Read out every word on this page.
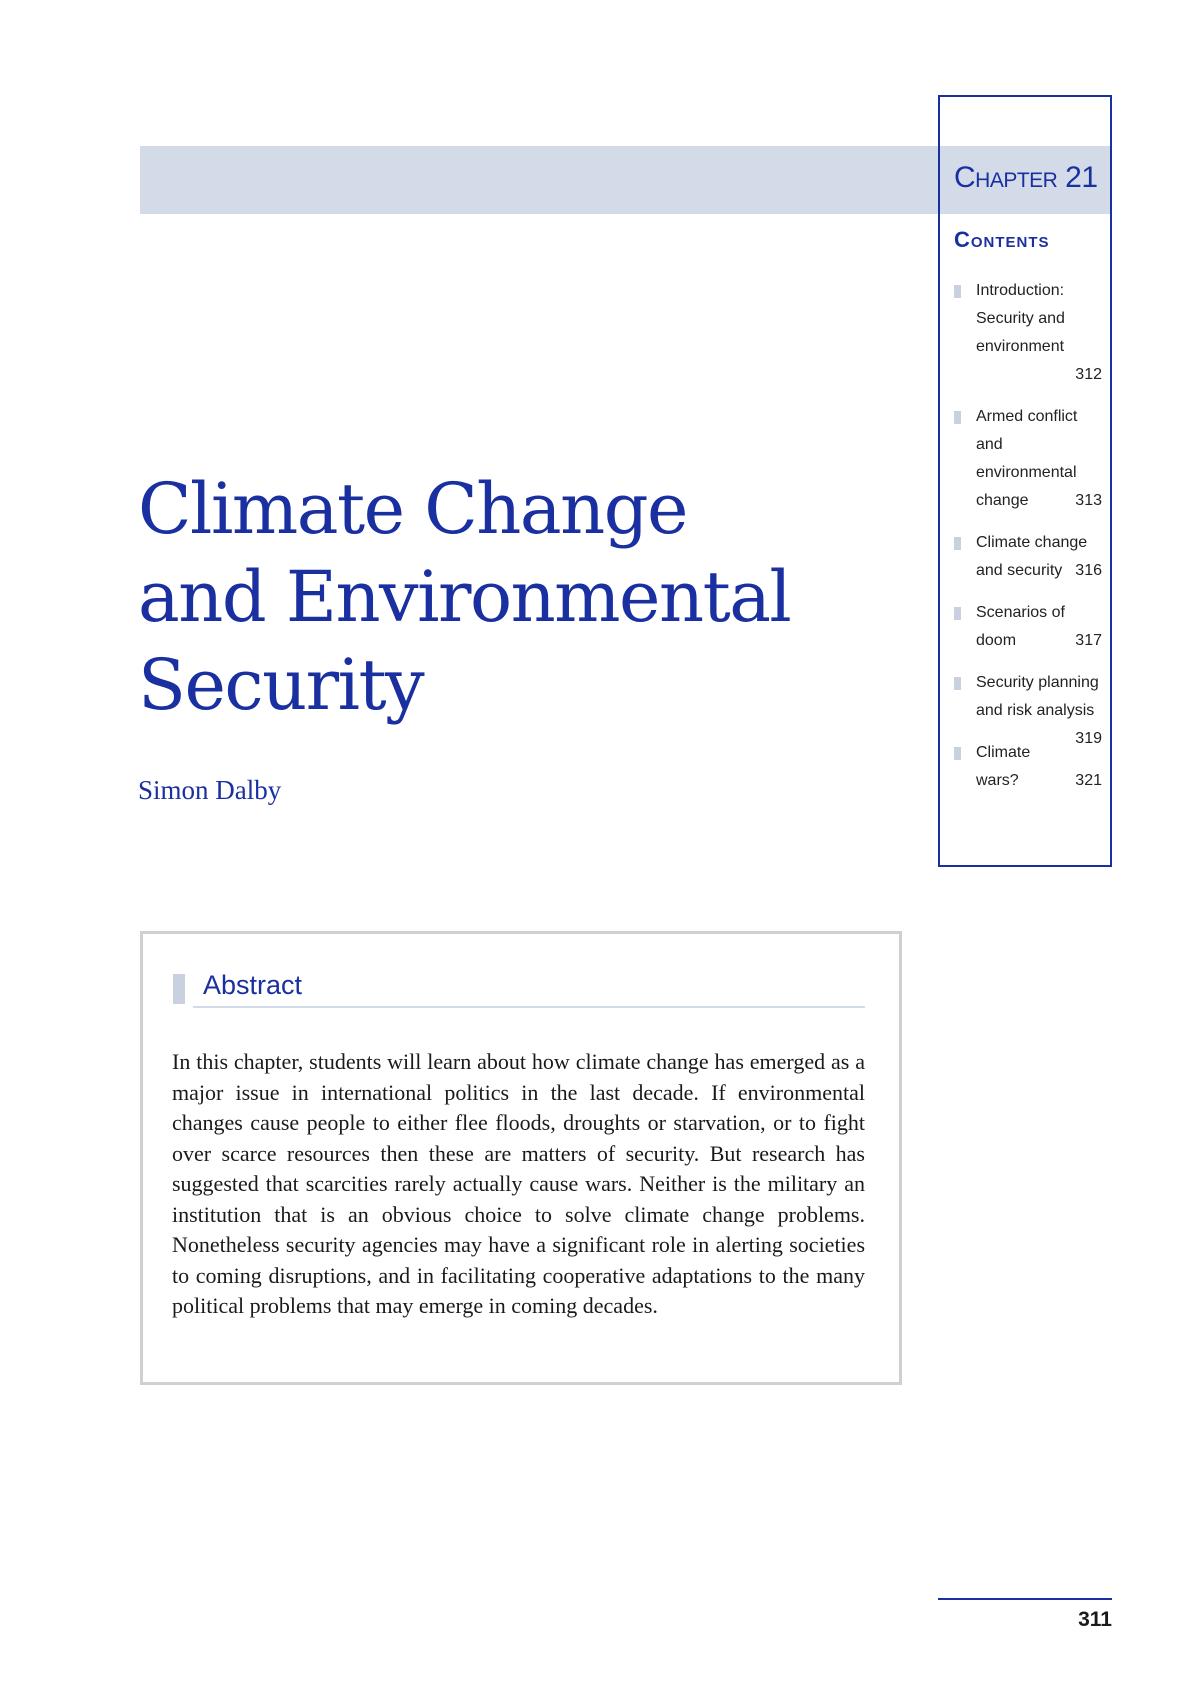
Chapter 21
Contents
Introduction: Security and environment
312
Armed conflict and environmental change	313
Climate change and security 316
Scenarios of doom	317
Security planning and risk analysis
319
Climate wars?	321
Climate Change
and Environmental
Security
Simon Dalby
Abstract

In this chapter, students will learn about how climate change has emerged as a major issue in international politics in the last decade. If environmental changes cause people to either flee floods, droughts or starvation, or to fight over scarce resources then these are matters of security. But research has suggested that scarcities rarely actually cause wars. Neither is the military an institution that is an obvious choice to solve climate change problems. Nonetheless security agencies may have a significant role in alerting societies to coming disruptions, and in facilitating cooperative adaptations to the many political problems that may emerge in coming decades.

311
